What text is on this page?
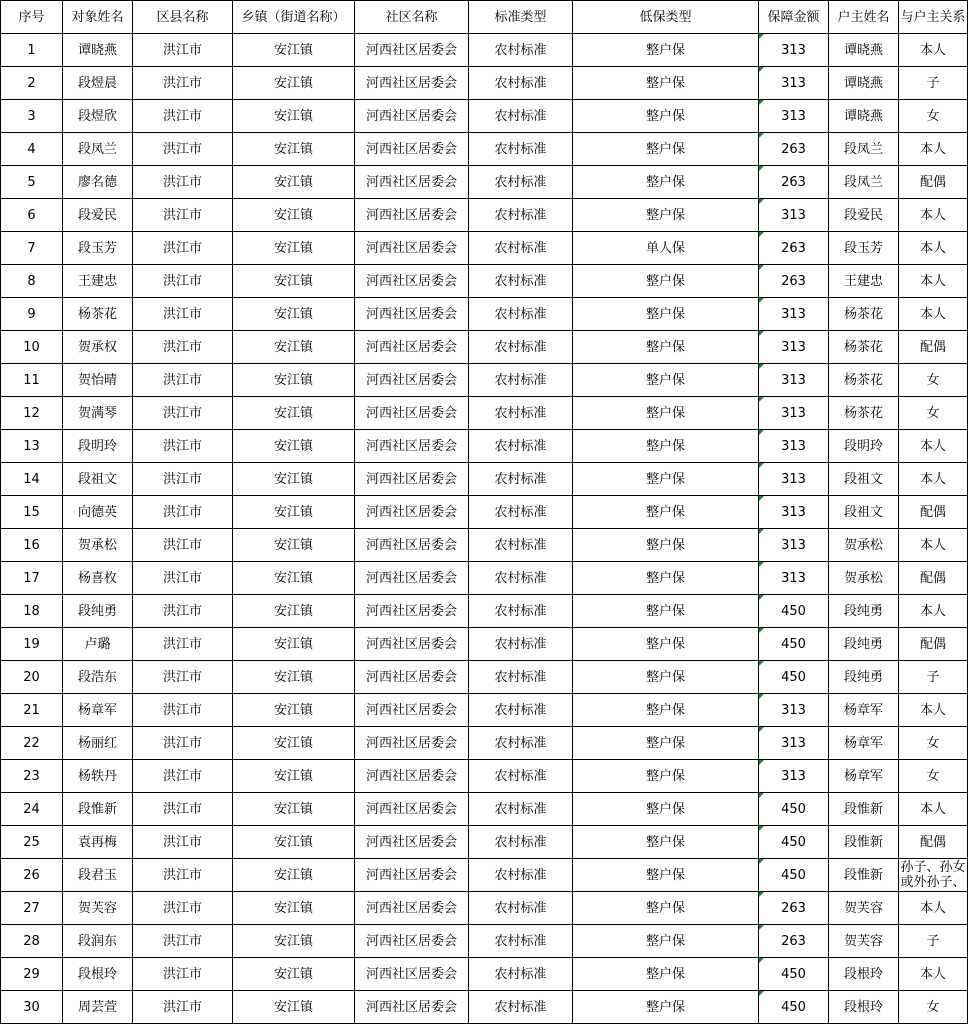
序号	对象姓名	区县名称	乡镇（街道名称）	社区名称	标准类型	低保类型	保障金额	户主姓名	与户主关系
1	谭晓燕	洪江市	安江镇	河西社区居委会	农村标准	整户保	313	谭晓燕	本人
2	段煜晨	洪江市	安江镇	河西社区居委会	农村标准	整户保	313	谭晓燕	子
3	段煜欣	洪江市	安江镇	河西社区居委会	农村标准	整户保	313	谭晓燕	女
4	段凤兰	洪江市	安江镇	河西社区居委会	农村标准	整户保	263	段凤兰	本人
5	廖名德	洪江市	安江镇	河西社区居委会	农村标准	整户保	263	段凤兰	配偶
6	段爱民	洪江市	安江镇	河西社区居委会	农村标准	整户保	313	段爱民	本人
7	段玉芳	洪江市	安江镇	河西社区居委会	农村标准	单人保	263	段玉芳	本人
8	王建忠	洪江市	安江镇	河西社区居委会	农村标准	整户保	263	王建忠	本人
9	杨茶花	洪江市	安江镇	河西社区居委会	农村标准	整户保	313	杨茶花	本人
10	贺承权	洪江市	安江镇	河西社区居委会	农村标准	整户保	313	杨茶花	配偶
11	贺怡晴	洪江市	安江镇	河西社区居委会	农村标准	整户保	313	杨茶花	女
12	贺满琴	洪江市	安江镇	河西社区居委会	农村标准	整户保	313	杨茶花	女
13	段明玲	洪江市	安江镇	河西社区居委会	农村标准	整户保	313	段明玲	本人
14	段祖文	洪江市	安江镇	河西社区居委会	农村标准	整户保	313	段祖文	本人
15	向德英	洪江市	安江镇	河西社区居委会	农村标准	整户保	313	段祖文	配偶
16	贺承松	洪江市	安江镇	河西社区居委会	农村标准	整户保	313	贺承松	本人
17	杨喜枚	洪江市	安江镇	河西社区居委会	农村标准	整户保	313	贺承松	配偶
18	段纯勇	洪江市	安江镇	河西社区居委会	农村标准	整户保	450	段纯勇	本人
19	卢璐	洪江市	安江镇	河西社区居委会	农村标准	整户保	450	段纯勇	配偶
20	段浩东	洪江市	安江镇	河西社区居委会	农村标准	整户保	450	段纯勇	子
21	杨章军	洪江市	安江镇	河西社区居委会	农村标准	整户保	313	杨章军	本人
22	杨丽红	洪江市	安江镇	河西社区居委会	农村标准	整户保	313	杨章军	女
23	杨轶丹	洪江市	安江镇	河西社区居委会	农村标准	整户保	313	杨章军	女
24	段惟新	洪江市	安江镇	河西社区居委会	农村标准	整户保	450	段惟新	本人
25	袁再梅	洪江市	安江镇	河西社区居委会	农村标准	整户保	450	段惟新	配偶
26	段君玉	洪江市	安江镇	河西社区居委会	农村标准	整户保	450	段惟新	孙子、孙女
或外孙子、

27	贺芙容	洪江市	安江镇	河西社区居委会	农村标准	整户保	263	贺芙容	本人
28	段润东	洪江市	安江镇	河西社区居委会	农村标准	整户保	263	贺芙容	子
29	段根玲	洪江市	安江镇	河西社区居委会	农村标准	整户保	450	段根玲	本人
30	周芸萱	洪江市	安江镇	河西社区居委会	农村标准	整户保	450	段根玲	女
